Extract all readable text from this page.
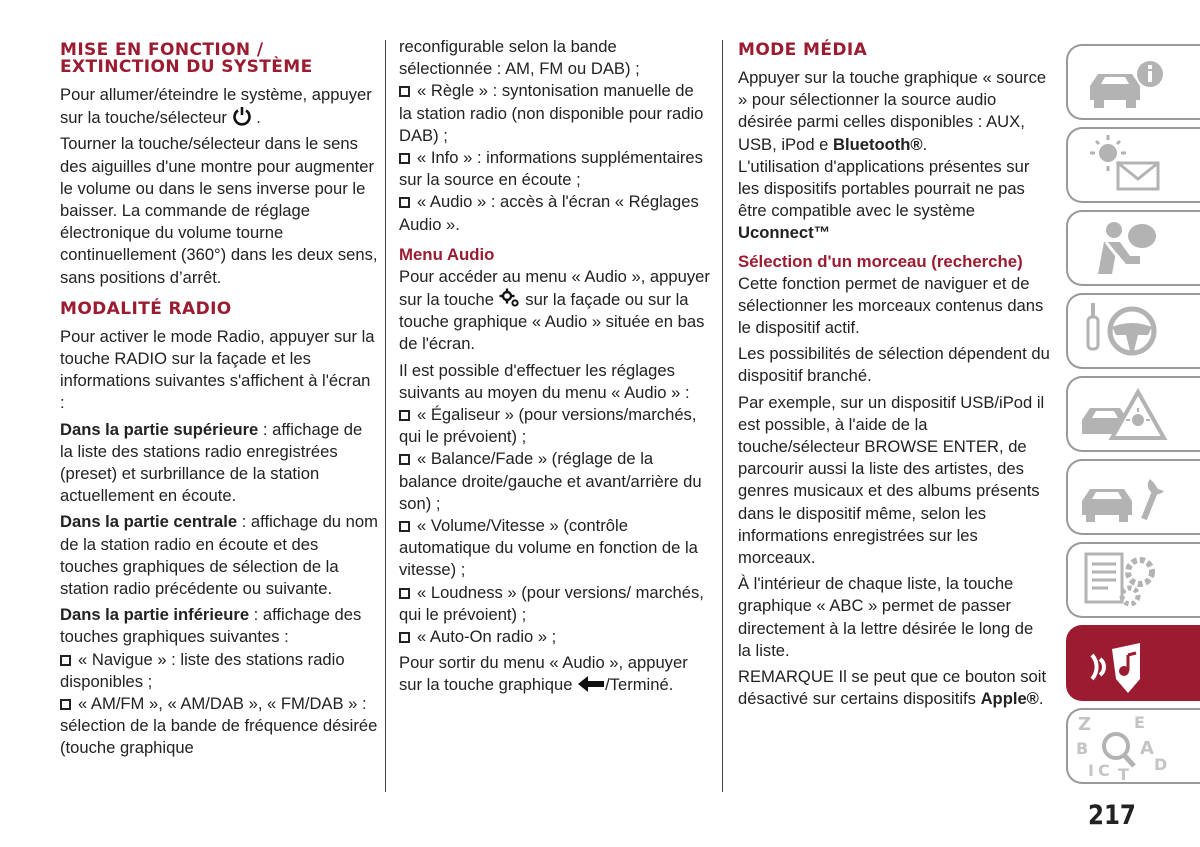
MISE EN FONCTION / EXTINCTION DU SYSTÈME

Pour allumer/éteindre le système, appuyer sur la touche/sélecteur .

Tourner la touche/sélecteur dans le sens des aiguilles d'une montre pour augmenter le volume ou dans le sens inverse pour le baisser. La commande de réglage électronique du volume tourne continuellement (360°) dans les deux sens, sans positions d’arrêt.

MODALITÉ RADIO

Pour activer le mode Radio, appuyer sur la touche RADIO sur la façade et les informations suivantes s'affichent à l'écran :

Dans la partie supérieure : affichage de la liste des stations radio enregistrées (preset) et surbrillance de la station actuellement en écoute.

Dans la partie centrale : affichage du nom de la station radio en écoute et des touches graphiques de sélection de la station radio précédente ou suivante.

Dans la partie inférieure : affichage des touches graphiques suivantes :

« Navigue » : liste des stations radio disponibles ;
« AM/FM », « AM/DAB », « FM/DAB » : sélection de la bande de fréquence désirée (touche graphique

reconfigurable selon la bande sélectionnée : AM, FM ou DAB) ;

« Règle » : syntonisation manuelle de la station radio (non disponible pour radio DAB) ;
« Info » : informations supplémentaires sur la source en écoute ;
« Audio » : accès à l'écran « Réglages Audio ».
Menu Audio

Pour accéder au menu « Audio », appuyer sur la touche sur la façade ou sur la touche graphique « Audio » située en bas de l'écran.

Il est possible d'effectuer les réglages suivants au moyen du menu « Audio » :

« Égaliseur » (pour versions/marchés, qui le prévoient) ;
« Balance/Fade » (réglage de la balance droite/gauche et avant/arrière du son) ;
« Volume/Vitesse » (contrôle automatique du volume en fonction de la vitesse) ;
« Loudness » (pour versions/ marchés, qui le prévoient) ;
« Auto-On radio » ;

Pour sortir du menu « Audio », appuyer sur la touche graphique /Terminé.

MODE MÉDIA

Appuyer sur la touche graphique « source » pour sélectionner la source audio désirée parmi celles disponibles : AUX, USB, iPod e Bluetooth®.

L'utilisation d'applications présentes sur les dispositifs portables pourrait ne pas être compatible avec le système Uconnect™

Sélection d'un morceau (recherche)

Cette fonction permet de naviguer et de sélectionner les morceaux contenus dans le dispositif actif.

Les possibilités de sélection dépendent du dispositif branché.

Par exemple, sur un dispositif USB/iPod il est possible, à l'aide de la touche/sélecteur BROWSE ENTER, de parcourir aussi la liste des artistes, des genres musicaux et des albums présents dans le dispositif même, selon les informations enregistrées sur les morceaux.

À l'intérieur de chaque liste, la touche graphique « ABC » permet de passer directement à la lettre désirée le long de la liste.

REMARQUE Il se peut que ce bouton soit désactivé sur certains dispositifs Apple®.

Z	E
B	A
C T
D
I
217
